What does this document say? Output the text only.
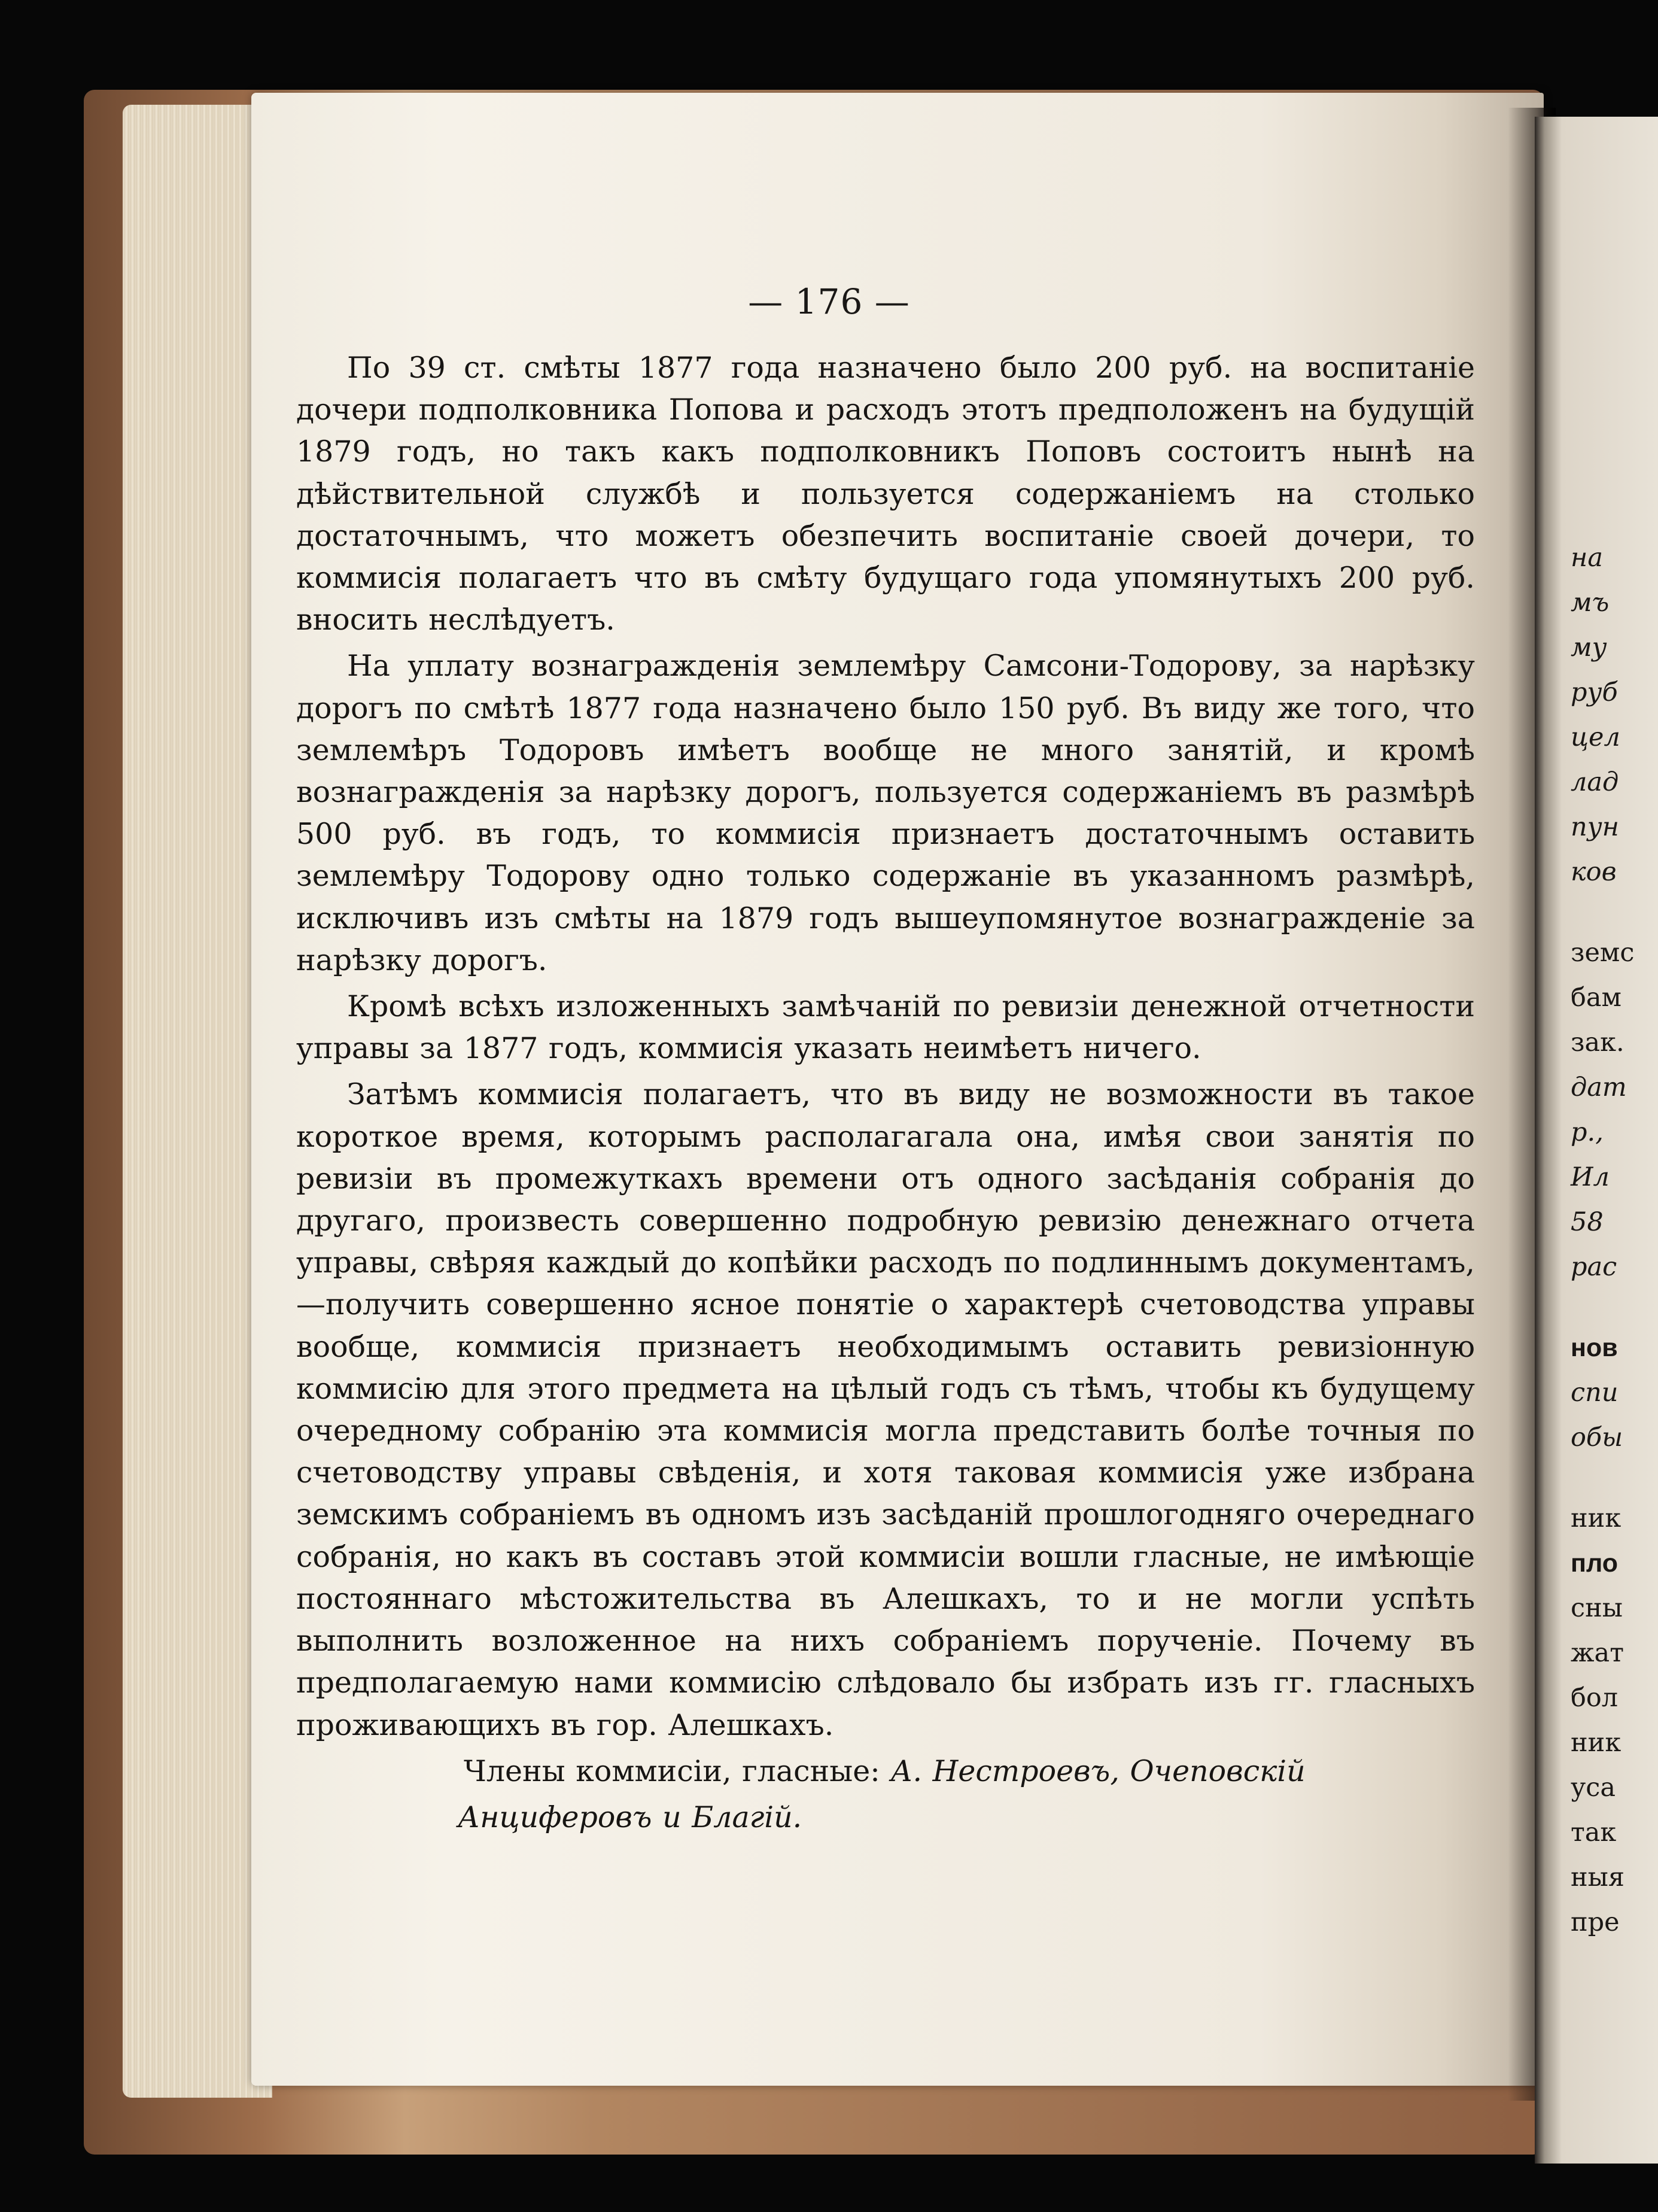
— 176 —

По 39 ст. смѣты 1877 года назначено было 200 руб. на воспитаніе дочери подполковника Попова и расходъ этотъ предположенъ на будущій 1879 годъ, но такъ какъ подполковникъ Поповъ состоитъ нынѣ на дѣйствительной службѣ и пользуется содержаніемъ на столько достаточнымъ, что можетъ обезпечить воспитаніе своей дочери, то коммисія полагаетъ что въ смѣту будущаго года упомянутыхъ 200 руб. вносить неслѣдуетъ.

На уплату вознагражденія землемѣру Самсони-Тодорову, за нарѣзку дорогъ по смѣтѣ 1877 года назначено было 150 руб. Въ виду же того, что землемѣръ Тодоровъ имѣетъ вообще не много занятій, и кромѣ вознагражденія за нарѣзку дорогъ, пользуется содержаніемъ въ размѣрѣ 500 руб. въ годъ, то коммисія признаетъ достаточнымъ оставить землемѣру Тодорову одно только содержаніе въ указанномъ размѣрѣ, исключивъ изъ смѣты на 1879 годъ вышеупомянутое вознагражденіе за нарѣзку дорогъ.

Кромѣ всѣхъ изложенныхъ замѣчаній по ревизіи денежной отчетности управы за 1877 годъ, коммисія указать неимѣетъ ничего.

Затѣмъ коммисія полагаетъ, что въ виду не возможности въ такое короткое время, которымъ располагагала она, имѣя свои занятія по ревизіи въ промежуткахъ времени отъ одного засѣданія собранія до другаго, произвесть совершенно подробную ревизію денежнаго отчета управы, свѣряя каждый до копѣйки расходъ по подлиннымъ документамъ,—получить совершенно ясное понятіе о характерѣ счетоводства управы вообще, коммисія признаетъ необходимымъ оставить ревизіонную коммисію для этого предмета на цѣлый годъ съ тѣмъ, чтобы къ будущему очередному собранію эта коммисія могла представить болѣе точныя по счетоводству управы свѣденія, и хотя таковая коммисія уже избрана земскимъ собраніемъ въ одномъ изъ засѣданій прошлогодняго очереднаго собранія, но какъ въ составъ этой коммисіи вошли гласные, не имѣющіе постояннаго мѣстожительства въ Алешкахъ, то и не могли успѣть выполнить возложенное на нихъ собраніемъ порученіе. Почему въ предполагаемую нами коммисію слѣдовало бы избрать изъ гг. гласныхъ проживающихъ въ гор. Алешкахъ.

Члены коммисіи, гласные: А. Нестроевъ, Очеповскій

Анциферовъ и Благій.

на
мъ
му
руб
цел
лад
пун
ков
земс
бам
зак.
дат
р.,
Ил
58
рас
нов
спи
обы
ник
пло
сны
жат
бол
ник
уса
так
ныя
пре
